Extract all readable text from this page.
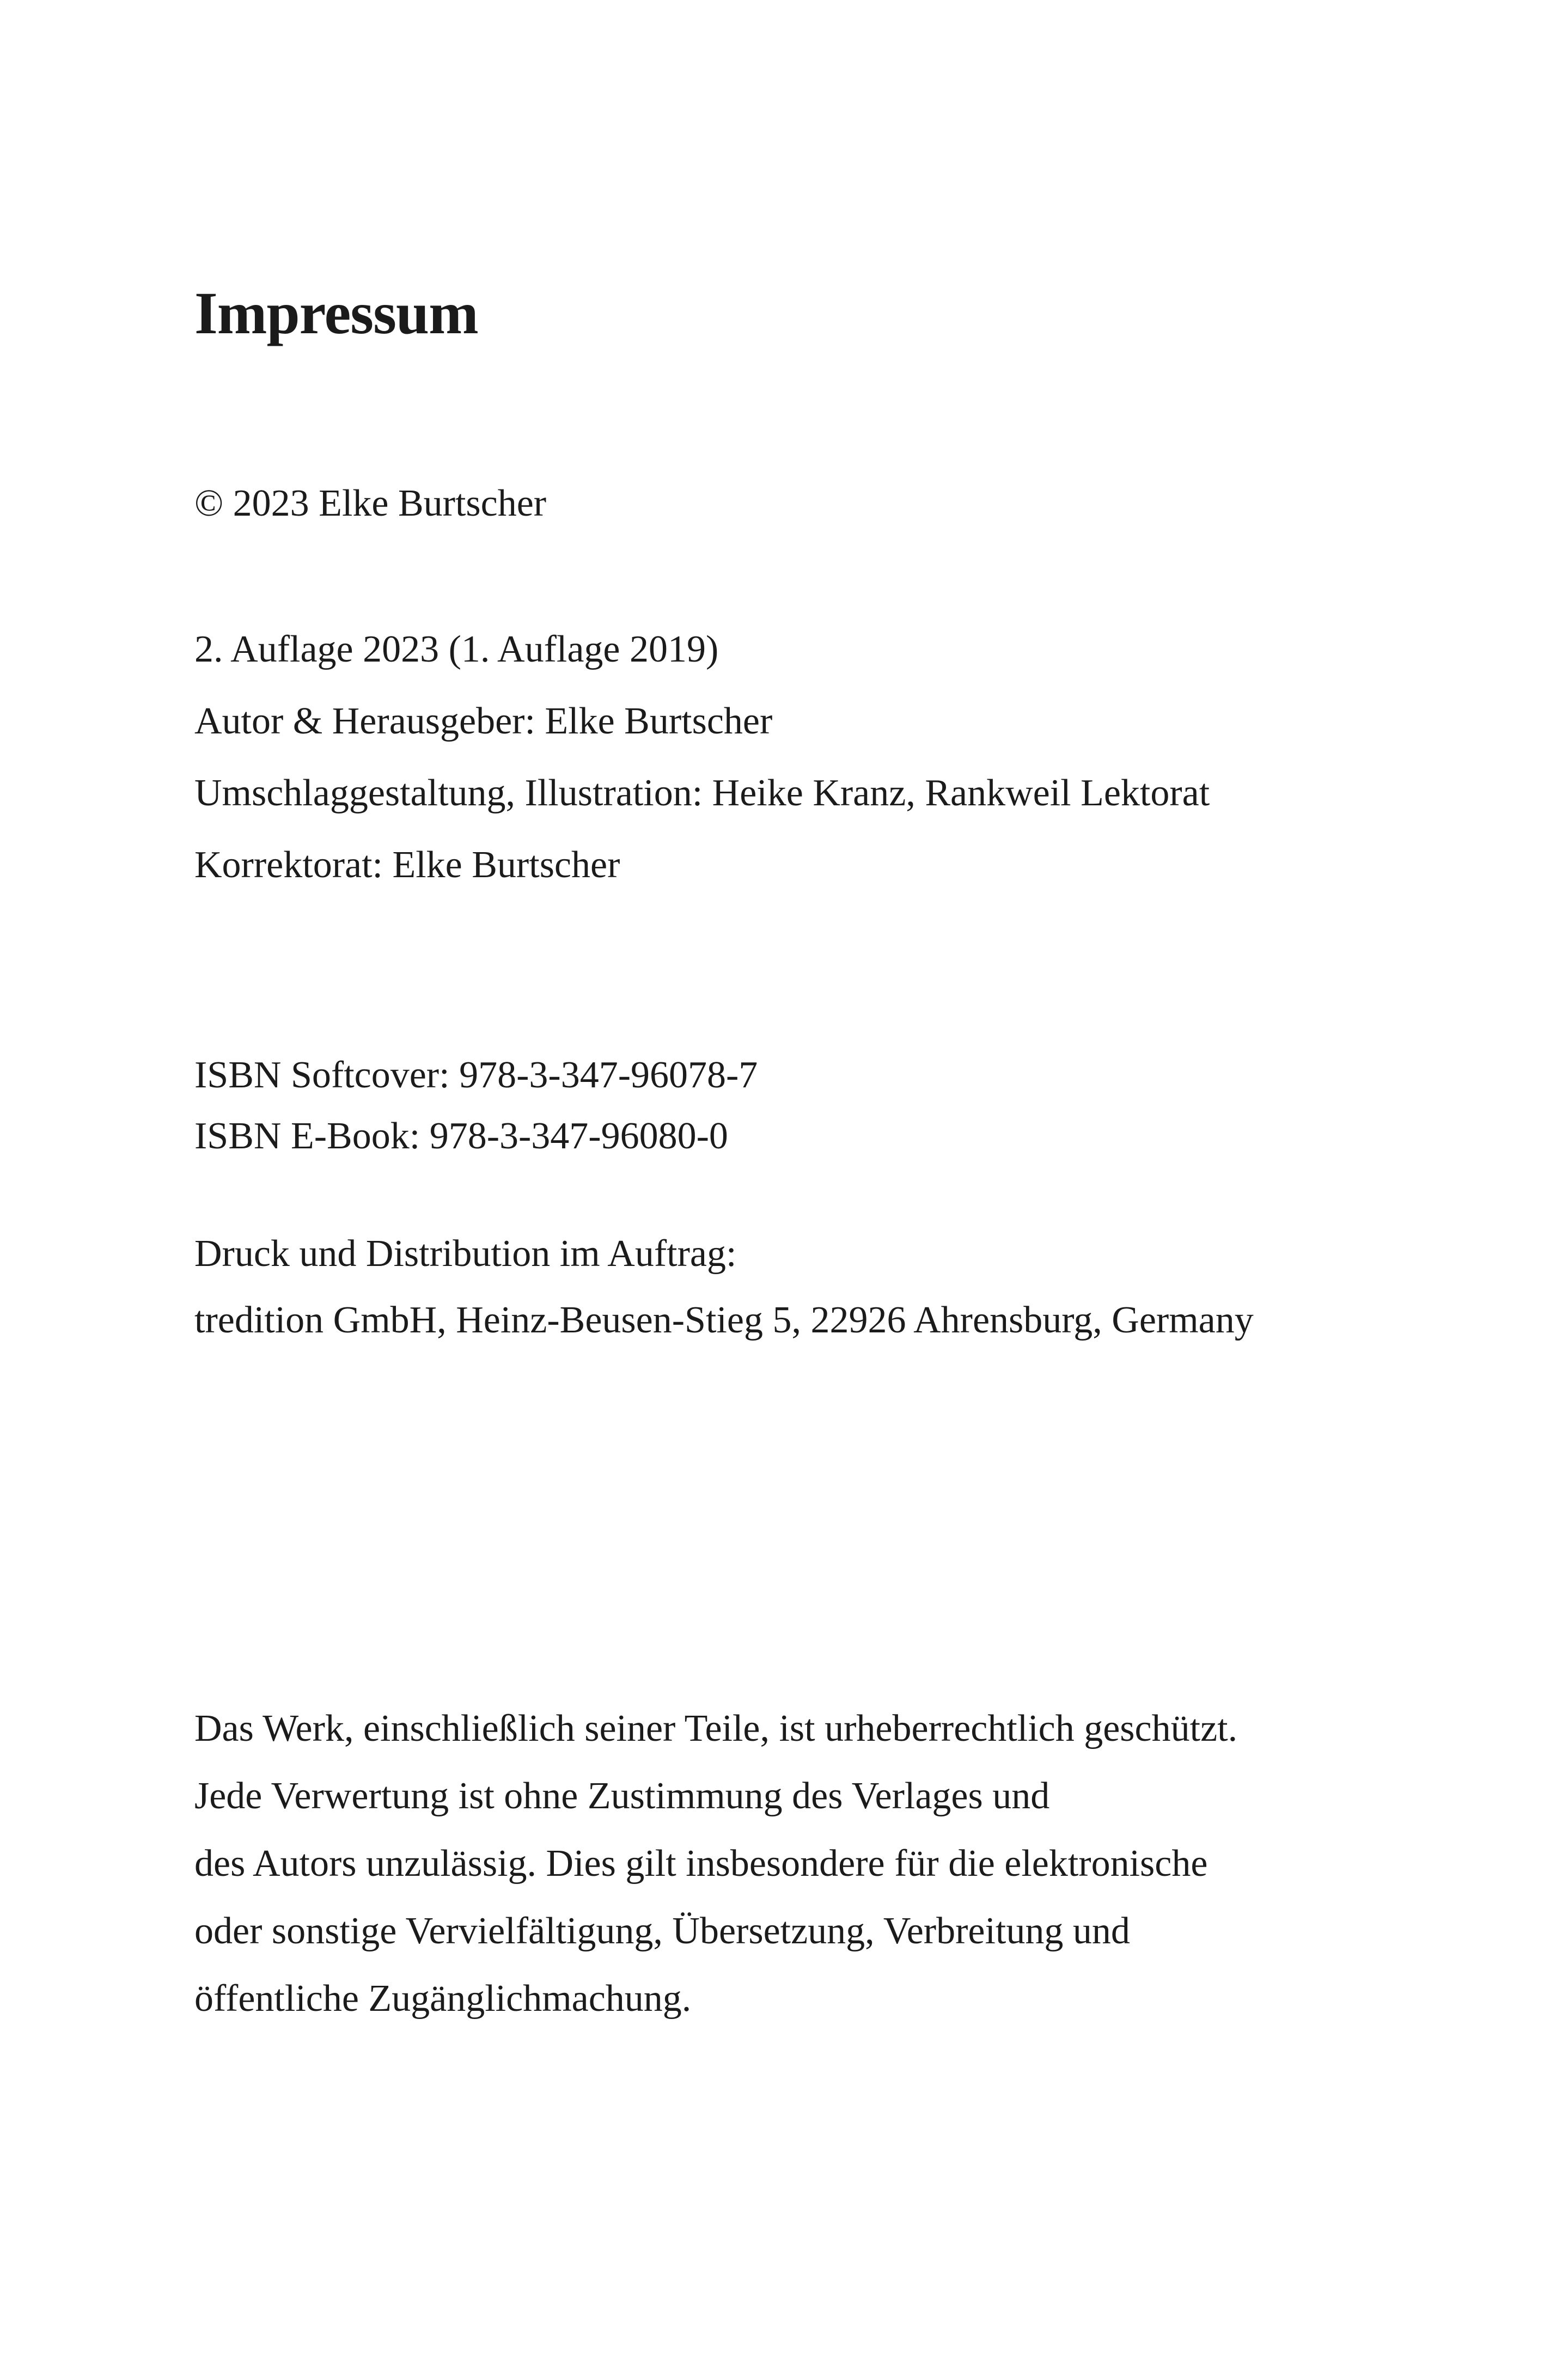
Impressum

© 2023 Elke Burtscher

2. Auflage 2023 (1. Auflage 2019)

Autor & Herausgeber: Elke Burtscher

Umschlaggestaltung, Illustration: Heike Kranz, Rankweil Lektorat

Korrektorat: Elke Burtscher

ISBN Softcover: 978-3-347-96078-7

ISBN E-Book: 978-3-347-96080-0

Druck und Distribution im Auftrag:

tredition GmbH, Heinz-Beusen-Stieg 5, 22926 Ahrensburg, Germany

Das Werk, einschließlich seiner Teile, ist urheberrechtlich geschützt.

Jede Verwertung ist ohne Zustimmung des Verlages und

des Autors unzulässig. Dies gilt insbesondere für die elektronische

oder sonstige Vervielfältigung, Übersetzung, Verbreitung und

öffentliche Zugänglichmachung.
